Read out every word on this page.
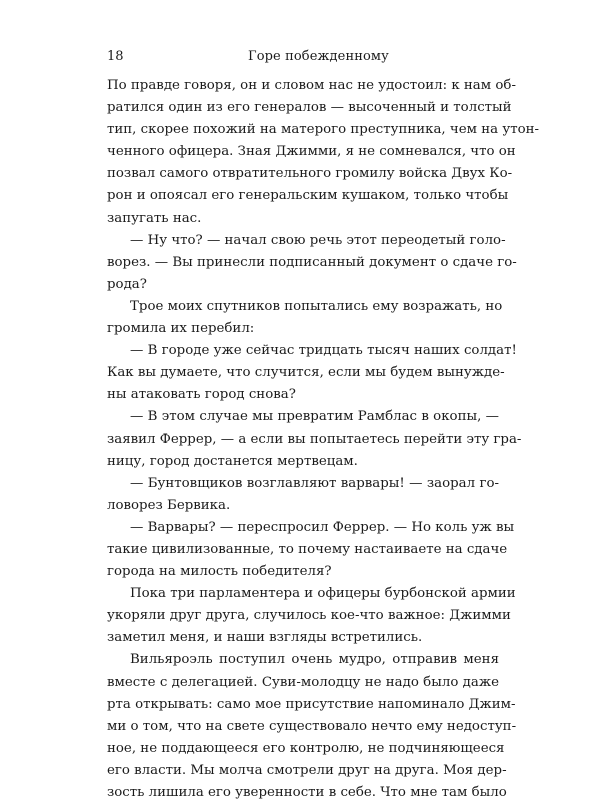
18	Горе побежденному
По правде говоря, он и словом нас не удостоил: к нам об-
ратился один из его генералов — высоченный и толстый
тип, скорее похожий на матерого преступника, чем на утон-
ченного офицера. Зная Джимми, я не сомневался, что он
позвал самого отвратительного громилу войска Двух Ко-
рон и опоясал его генеральским кушаком, только чтобы
запугать нас.
— Ну что? — начал свою речь этот переодетый голо-
ворез. — Вы принесли подписанный документ о сдаче го-
рода?
Трое моих спутников попытались ему возражать, но
громила их перебил:
— В городе уже сейчас тридцать тысяч наших солдат!
Как вы думаете, что случится, если мы будем вынужде-
ны атаковать город снова?
— В этом случае мы превратим Рамблас в окопы, —
заявил Феррер, — а если вы попытаетесь перейти эту гра-
ницу, город достанется мертвецам.
— Бунтовщиков возглавляют варвары! — заорал го-
ловорез Бервика.
— Варвары? — переспросил Феррер. — Но коль уж вы
такие цивилизованные, то почему настаиваете на сдаче
города на милость победителя?
Пока три парламентера и офицеры бурбонской армии
укоряли друг друга, случилось кое-что важное: Джимми
заметил меня, и наши взгляды встретились.
Вильяроэль поступил очень мудро, отправив меня
вместе с делегацией. Суви-молодцу не надо было даже
рта открывать: само мое присутствие напоминало Джим-
ми о том, что на свете существовало нечто ему недоступ-
ное, не поддающееся его контролю, не подчиняющееся
его власти. Мы молча смотрели друг на друга. Моя дер-
зость лишила его уверенности в себе. Что мне там было
